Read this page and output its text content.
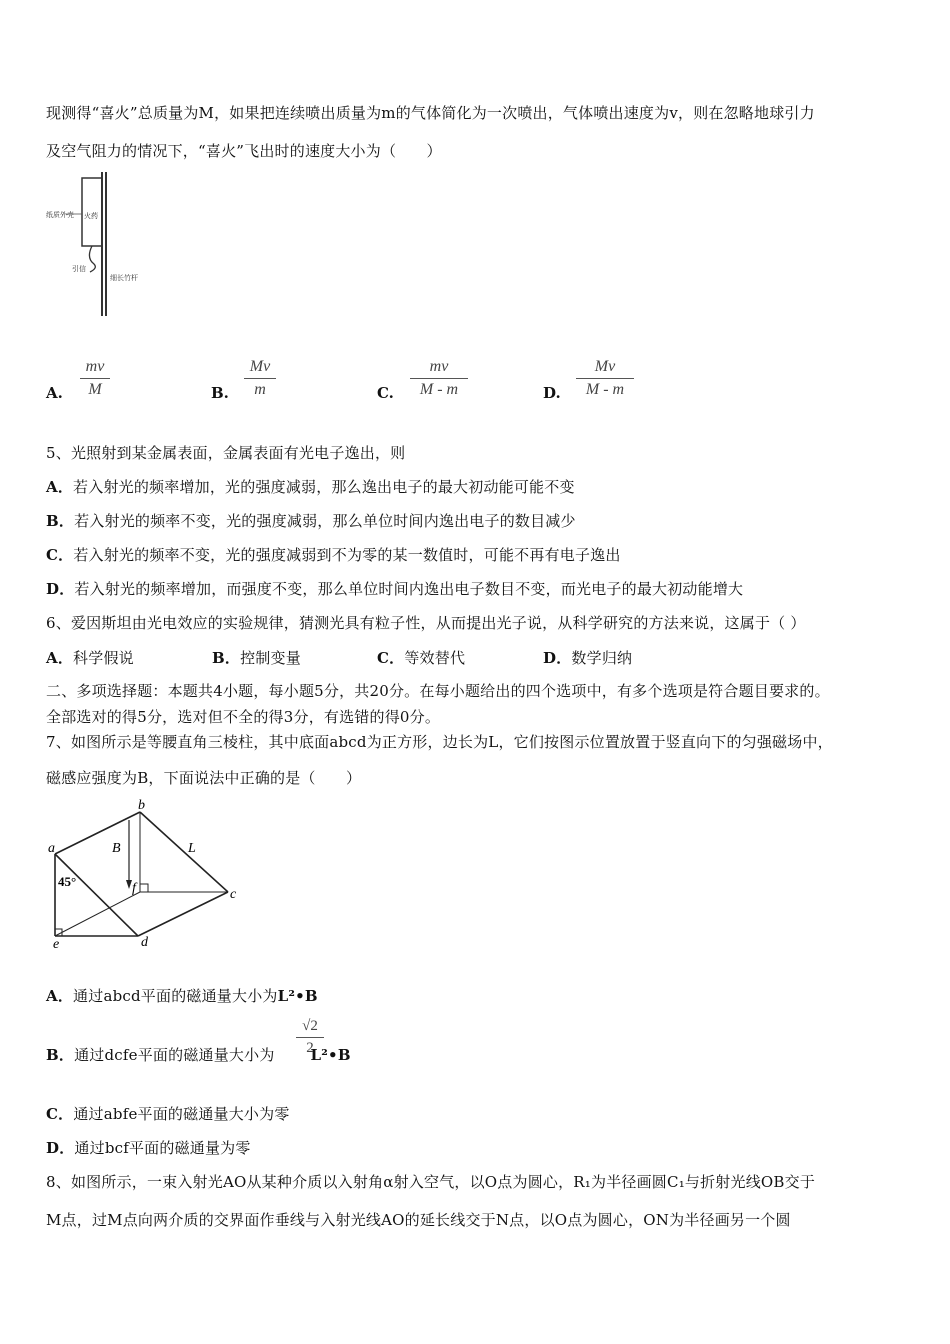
现测得“喜火”总质量为M，如果把连续喷出质量为m的气体简化为一次喷出，气体喷出速度为v，则在忽略地球引力
及空气阻力的情况下，“喜火”飞出时的速度大小为（　　）
纸质外壳 火药
引信
细长竹杆
A.
mv
M	B.
Mv
m	C.
mv
M - m	D.
Mv
M - m
5、光照射到某金属表面，金属表面有光电子逸出，则
A．若入射光的频率增加，光的强度减弱，那么逸出电子的最大初动能可能不变
B．若入射光的频率不变，光的强度减弱，那么单位时间内逸出电子的数目减少
C．若入射光的频率不变，光的强度减弱到不为零的某一数值时，可能不再有电子逸出
D．若入射光的频率增加，而强度不变，那么单位时间内逸出电子数目不变，而光电子的最大初动能增大
6、爱因斯坦由光电效应的实验规律，猜测光具有粒子性，从而提出光子说，从科学研究的方法来说，这属于（ ）
A．科学假说	B．控制变量	C．等效替代	D．数学归纳
二、多项选择题：本题共4小题，每小题5分，共20分。在每小题给出的四个选项中，有多个选项是符合题目要求的。
全部选对的得5分，选对但不全的得3分，有选错的得0分。
7、如图所示是等腰直角三棱柱，其中底面abcd为正方形，边长为L，它们按图示位置放置于竖直向下的匀强磁场中，
磁感应强度为B，下面说法中正确的是（　　）
a
b
c
d
e
f
B	L
45°
A．通过abcd平面的磁通量大小为L²•B
B．通过dcfe平面的磁通量大小为 L²•B
√2
2
C．通过abfe平面的磁通量大小为零
D．通过bcf平面的磁通量为零
8、如图所示，一束入射光AO从某种介质以入射角α射入空气，以O点为圆心，R₁为半径画圆C₁与折射光线OB交于
M点，过M点向两介质的交界面作垂线与入射光线AO的延长线交于N点，以O点为圆心，ON为半径画另一个圆
